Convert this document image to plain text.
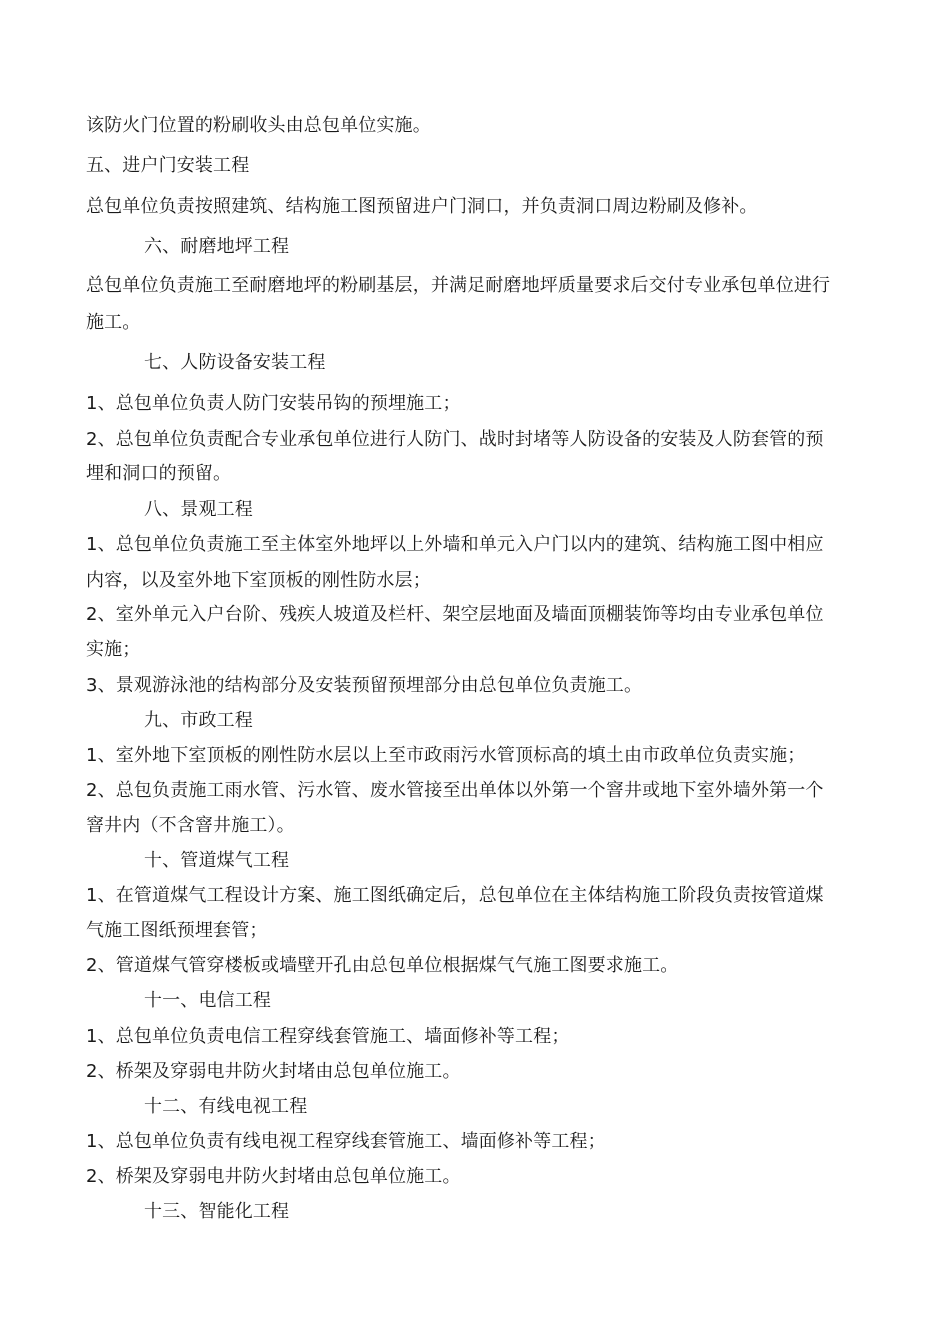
该防火门位置的粉刷收头由总包单位实施。
五、进户门安装工程
总包单位负责按照建筑、结构施工图预留进户门洞口，并负责洞口周边粉刷及修补。
六、耐磨地坪工程
总包单位负责施工至耐磨地坪的粉刷基层，并满足耐磨地坪质量要求后交付专业承包单位进行
施工。
七、人防设备安装工程
1、总包单位负责人防门安装吊钩的预埋施工；
2、总包单位负责配合专业承包单位进行人防门、战时封堵等人防设备的安装及人防套管的预
埋和洞口的预留。
八、景观工程
1、总包单位负责施工至主体室外地坪以上外墙和单元入户门以内的建筑、结构施工图中相应
内容，以及室外地下室顶板的刚性防水层；
2、室外单元入户台阶、残疾人坡道及栏杆、架空层地面及墙面顶棚装饰等均由专业承包单位
实施；
3、景观游泳池的结构部分及安装预留预埋部分由总包单位负责施工。
九、市政工程
1、室外地下室顶板的刚性防水层以上至市政雨污水管顶标高的填土由市政单位负责实施；
2、总包负责施工雨水管、污水管、废水管接至出单体以外第一个窨井或地下室外墙外第一个
窨井内（不含窨井施工）。
十、管道煤气工程
1、在管道煤气工程设计方案、施工图纸确定后，总包单位在主体结构施工阶段负责按管道煤
气施工图纸预埋套管；
2、管道煤气管穿楼板或墙壁开孔由总包单位根据煤气气施工图要求施工。
十一、电信工程
1、总包单位负责电信工程穿线套管施工、墙面修补等工程；
2、桥架及穿弱电井防火封堵由总包单位施工。
十二、有线电视工程
1、总包单位负责有线电视工程穿线套管施工、墙面修补等工程；
2、桥架及穿弱电井防火封堵由总包单位施工。
十三、智能化工程
